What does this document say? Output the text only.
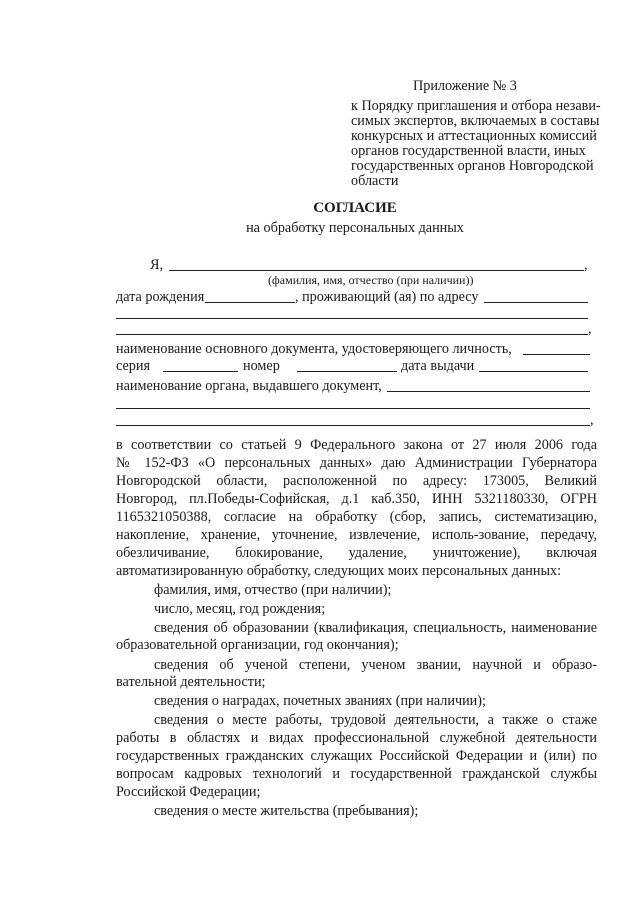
Приложение № 3
к Порядку приглашения и отбора незави-
симых экспертов, включаемых в составы
конкурсных и аттестационных комиссий
органов государственной власти, иных
государственных органов Новгородской
области
СОГЛАСИЕ
на обработку персональных данных
Я,	,
(фамилия, имя, отчество (при наличии))
дата рождения	, проживающий (ая) по адресу
,
наименование основного документа, удостоверяющего личность,
серия	номер	дата выдачи
наименование органа, выдавшего документ,
,
в соответствии со статьей 9 Федерального закона от 27 июля 2006 года
№ 152-ФЗ «О персональных данных» даю Администрации Губернатора
Новгородской области, расположенной по адресу: 173005, Великий
Новгород, пл.Победы-Софийская, д.1 каб.350, ИНН 5321180330, ОГРН
1165321050388, согласие на обработку (сбор, запись, систематизацию,
накопление, хранение, уточнение, извлечение, исполь-зование, передачу,
обезличивание, блокирование, удаление, уничтожение), включая
автоматизированную обработку, следующих моих персональных данных:
фамилия, имя, отчество (при наличии);
число, месяц, год рождения;
сведения об образовании (квалификация, специальность, наименование
образовательной организации, год окончания);
сведения об ученой степени, ученом звании, научной и образо-
вательной деятельности;
сведения о наградах, почетных званиях (при наличии);
сведения о месте работы, трудовой деятельности, а также о стаже
работы в областях и видах профессиональной служебной деятельности
государственных гражданских служащих Российской Федерации и (или) по
вопросам кадровых технологий и государственной гражданской службы
Российской Федерации;
сведения о месте жительства (пребывания);
